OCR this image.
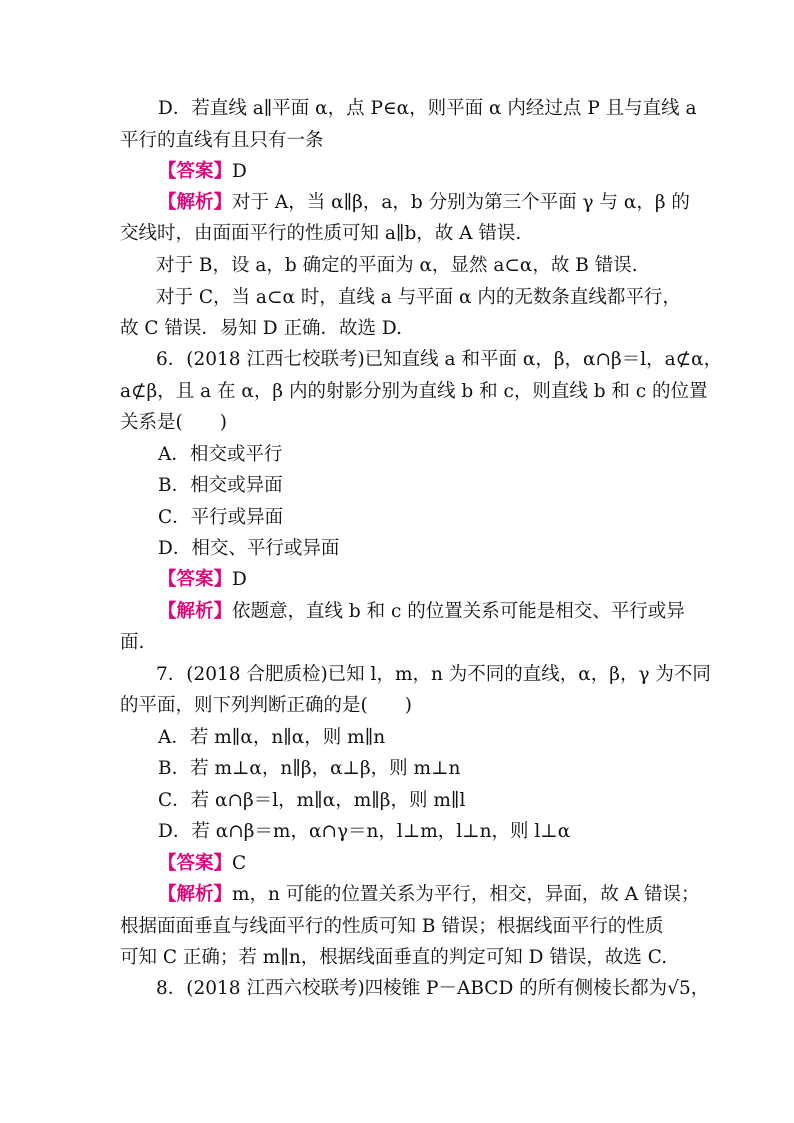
D．若直线 a∥平面 α，点 P∈α，则平面 α 内经过点 P 且与直线 a
平行的直线有且只有一条
【答案】D
【解析】对于 A，当 α∥β，a，b 分别为第三个平面 γ 与 α，β 的
交线时，由面面平行的性质可知 a∥b，故 A 错误.
对于 B，设 a，b 确定的平面为 α，显然 a⊂α，故 B 错误.
对于 C，当 a⊂α 时，直线 a 与平面 α 内的无数条直线都平行，
故 C 错误．易知 D 正确．故选 D.
6．(2018 江西七校联考)已知直线 a 和平面 α，β，α∩β＝l，a⊄α，
a⊄β，且 a 在 α，β 内的射影分别为直线 b 和 c，则直线 b 和 c 的位置
关系是(　　)
A．相交或平行
B．相交或异面
C．平行或异面
D．相交、平行或异面
【答案】D
【解析】依题意，直线 b 和 c 的位置关系可能是相交、平行或异
面.
7．(2018 合肥质检)已知 l，m，n 为不同的直线，α，β，γ 为不同
的平面，则下列判断正确的是(　　)
A．若 m∥α，n∥α，则 m∥n
B．若 m⊥α，n∥β，α⊥β，则 m⊥n
C．若 α∩β＝l，m∥α，m∥β，则 m∥l
D．若 α∩β＝m，α∩γ＝n，l⊥m，l⊥n，则 l⊥α
【答案】C
【解析】m，n 可能的位置关系为平行，相交，异面，故 A 错误；
根据面面垂直与线面平行的性质可知 B 错误；根据线面平行的性质
可知 C 正确；若 m∥n，根据线面垂直的判定可知 D 错误，故选 C.
8．(2018 江西六校联考)四棱锥 P－ABCD 的所有侧棱长都为√5，
